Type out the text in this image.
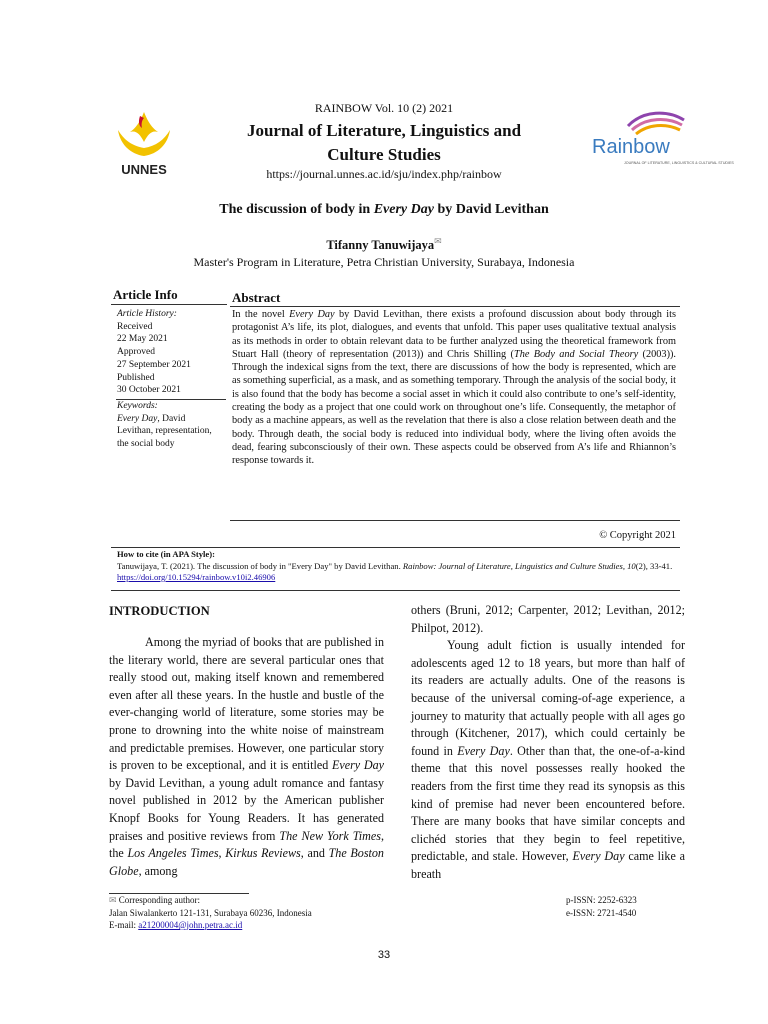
UNNES
Rainbow
JOURNAL OF LITERATURE, LINGUISTICS & CULTURAL STUDIES
RAINBOW Vol. 10 (2) 2021
Journal of Literature, Linguistics and
Culture Studies
https://journal.unnes.ac.id/sju/index.php/rainbow
The discussion of body in Every Day by David Levithan
Tifanny Tanuwijaya✉
Master's Program in Literature, Petra Christian University, Surabaya, Indonesia
Article Info	Abstract
Article History:
Received
22 May 2021
Approved
27 September 2021
Published
30 October 2021
Keywords:
Every Day, David Levithan, representation, the social body

In the novel Every Day by David Levithan, there exists a profound discussion about body through its protagonist A’s life, its plot, dialogues, and events that unfold. This paper uses qualitative textual analysis as its methods in order to obtain relevant data to be further analyzed using the theoretical framework from Stuart Hall (theory of representation (2013)) and Chris Shilling (The Body and Social Theory (2003)). Through the indexical signs from the text, there are discussions of how the body is represented, which are as something superficial, as a mask, and as something temporary. Through the analysis of the social body, it is also found that the body has become a social asset in which it could also contribute to one’s self-identity, creating the body as a project that one could work on throughout one’s life. Consequently, the metaphor of body as a machine appears, as well as the revelation that there is also a close relation between death and the body. Through death, the social body is reduced into individual body, where the living often avoids the dead, fearing subconsciously of their own. These aspects could be observed from A’s life and Rhiannon’s response towards it.

© Copyright 2021
How to cite (in APA Style):
Tanuwijaya, T. (2021). The discussion of body in "Every Day" by David Levithan. Rainbow: Journal of Literature, Linguistics and Culture Studies, 10(2), 33-41. https://doi.org/10.15294/rainbow.v10i2.46906
INTRODUCTION

Among the myriad of books that are published in the literary world, there are several particular ones that really stood out, making itself known and remembered even after all these years. In the hustle and bustle of the ever-changing world of literature, some stories may be prone to drowning into the white noise of mainstream and predictable premises. However, one particular story is proven to be exceptional, and it is entitled Every Day by David Levithan, a young adult romance and fantasy novel published in 2012 by the American publisher Knopf Books for Young Readers. It has generated praises and positive reviews from The New York Times, the Los Angeles Times, Kirkus Reviews, and The Boston Globe, among

others (Bruni, 2012; Carpenter, 2012; Levithan, 2012; Philpot, 2012).

Young adult fiction is usually intended for adolescents aged 12 to 18 years, but more than half of its readers are actually adults. One of the reasons is because of the universal coming-of-age experience, a journey to maturity that actually people with all ages go through (Kitchener, 2017), which could certainly be found in Every Day. Other than that, the one-of-a-kind theme that this novel possesses really hooked the readers from the first time they read its synopsis as this kind of premise had never been encountered before. There are many books that have similar concepts and clichéd stories that they begin to feel repetitive, predictable, and stale. However, Every Day came like a breath

✉ Corresponding author:
Jalan Siwalankerto 121-131, Surabaya 60236, Indonesia
E-mail: a21200004@john.petra.ac.id
p-ISSN: 2252-6323
e-ISSN: 2721-4540
33
